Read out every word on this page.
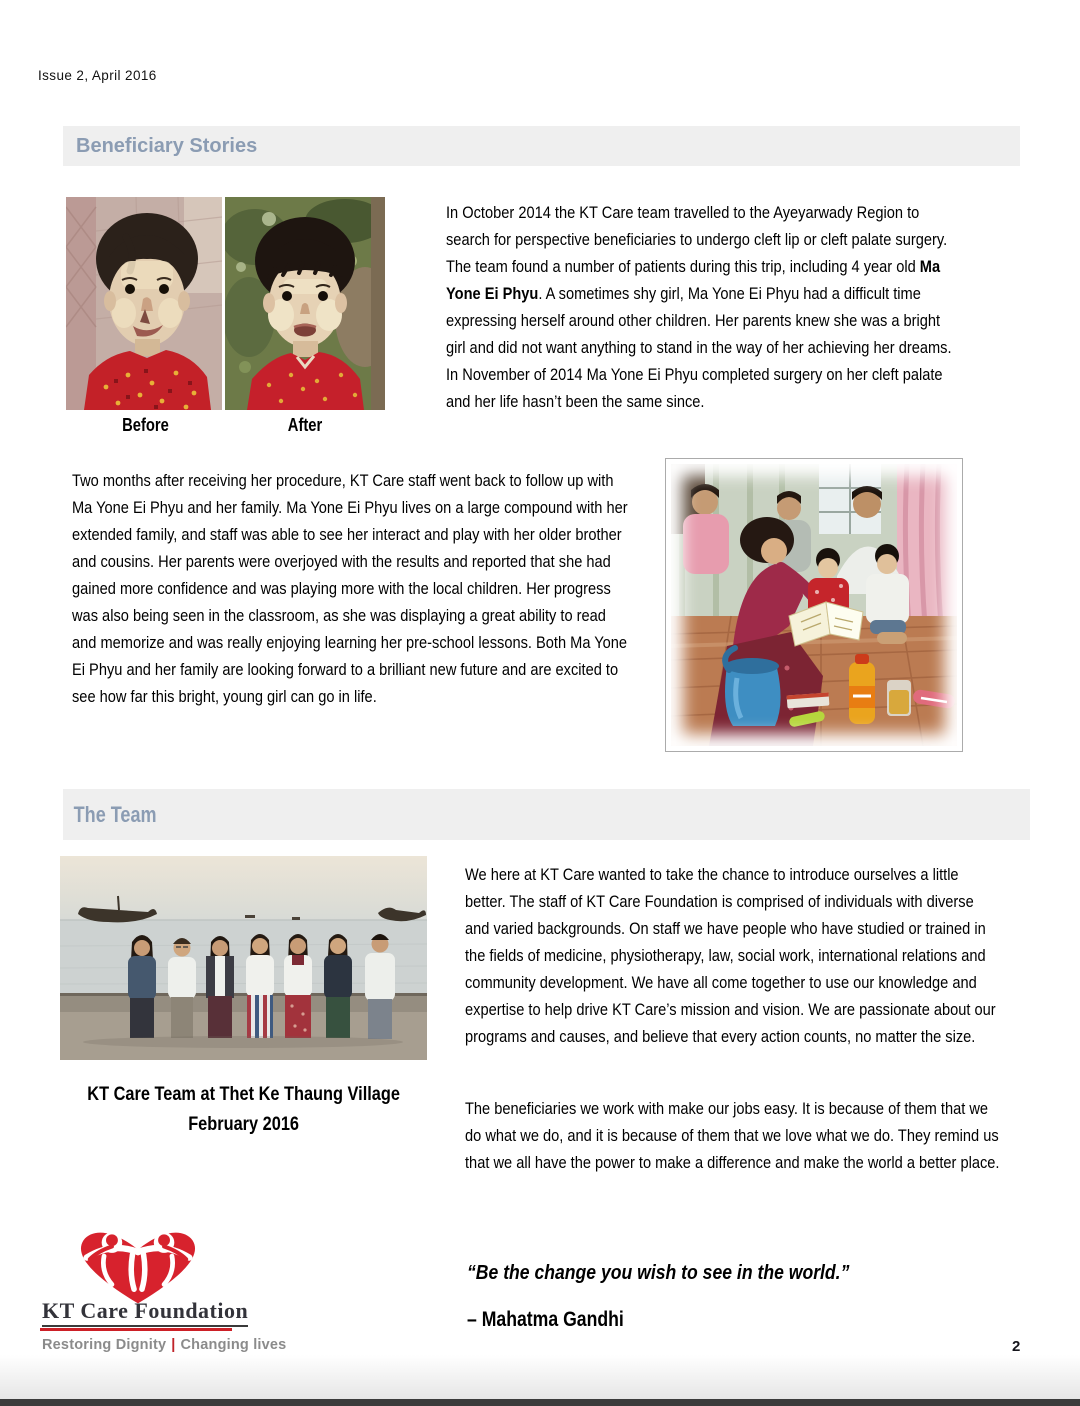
Issue 2, April 2016
Beneficiary Stories
Before	After
In October 2014 the KT Care team travelled to the Ayeyarwady Region to search for perspective beneficiaries to undergo cleft lip or cleft palate surgery. The team found a number of patients during this trip, including 4 year old Ma Yone Ei Phyu. A sometimes shy girl, Ma Yone Ei Phyu had a difficult time expressing herself around other children. Her parents knew she was a bright girl and did not want anything to stand in the way of her achieving her dreams. In November of 2014 Ma Yone Ei Phyu completed surgery on her cleft palate and her life hasn’t been the same since.
Two months after receiving her procedure, KT Care staff went back to follow up with Ma Yone Ei Phyu and her family. Ma Yone Ei Phyu lives on a large compound with her extended family, and staff was able to see her interact and play with her older brother and cousins. Her parents were overjoyed with the results and reported that she had gained more confidence and was playing more with the local children. Her progress was also being seen in the classroom, as she was displaying a great ability to read and memorize and was really enjoying learning her pre-school lessons. Both Ma Yone Ei Phyu and her family are looking forward to a brilliant new future and are excited to see how far this bright, young girl can go in life.
The Team
KT Care Team at Thet Ke Thaung Village
February 2016
We here at KT Care wanted to take the chance to introduce ourselves a little better. The staff of KT Care Foundation is comprised of individuals with diverse and varied backgrounds. On staff we have people who have studied or trained in the fields of medicine, physiotherapy, law, social work, international relations and community development. We have all come together to use our knowledge and expertise to help drive KT Care’s mission and vision. We are passionate about our programs and causes, and believe that every action counts, no matter the size.
The beneficiaries we work with make our jobs easy. It is because of them that we do what we do, and it is because of them that we love what we do. They remind us that we all have the power to make a difference and make the world a better place.
“Be the change you wish to see in the world.”
– Mahatma Gandhi
KT Care Foundation
Restoring Dignity | Changing lives	2
